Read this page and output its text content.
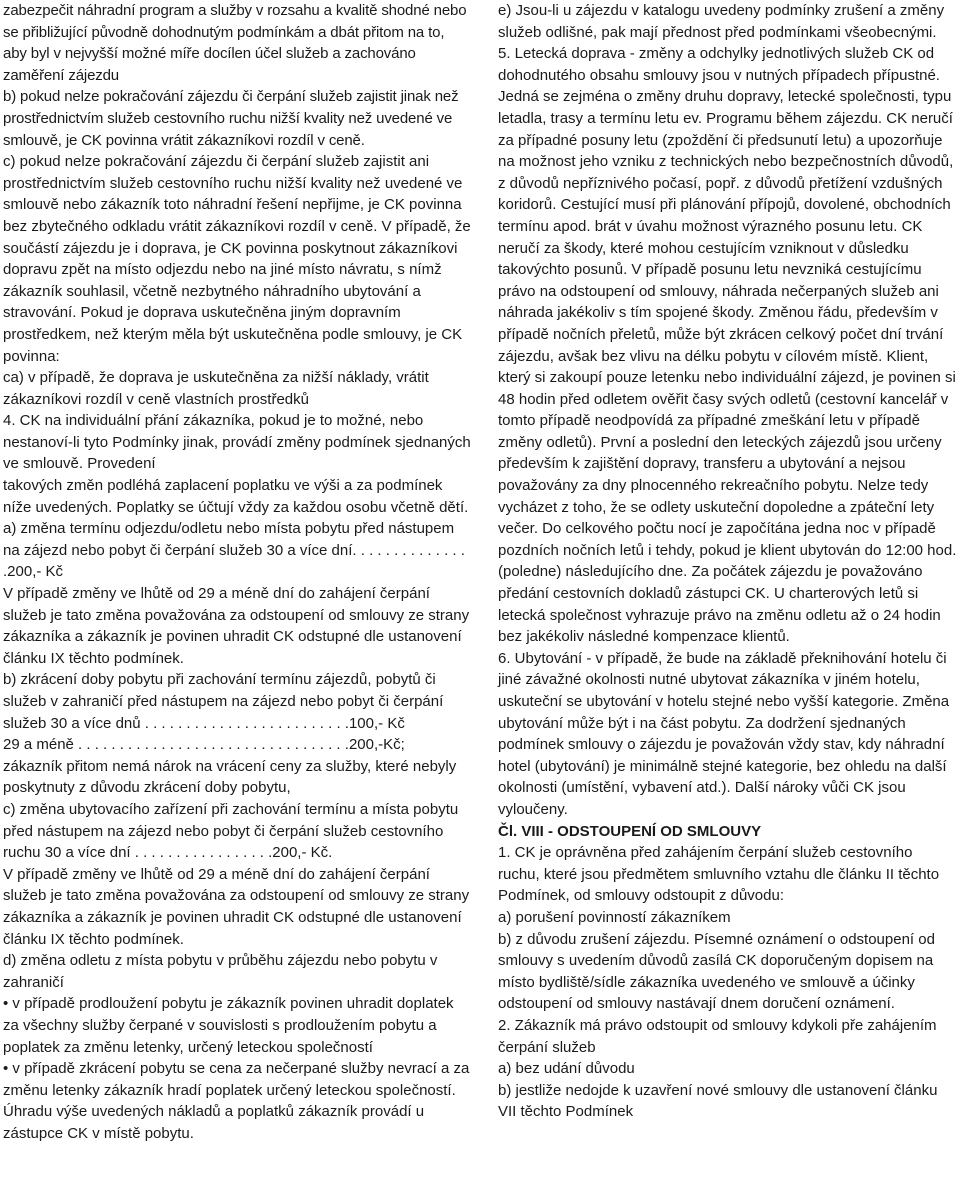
zabezpečit náhradní program a služby v rozsahu a kvalitě shodné nebo se přibližující původně dohodnutým podmínkám a dbát přitom na to, aby byl v nejvyšší možné míře docílen účel služeb a zachováno zaměření zájezdu

b) pokud nelze pokračování zájezdu či čerpání služeb zajistit jinak než prostřednictvím služeb cestovního ruchu nižší kvality než uvedené ve smlouvě, je CK povinna vrátit zákazníkovi rozdíl v ceně.

c) pokud nelze pokračování zájezdu či čerpání služeb zajistit ani prostřednictvím služeb cestovního ruchu nižší kvality než uvedené ve smlouvě nebo zákazník toto náhradní řešení nepřijme, je CK povinna bez zbytečného odkladu vrátit zákazníkovi rozdíl v ceně. V případě, že součástí zájezdu je i doprava, je CK povinna poskytnout zákazníkovi dopravu zpět na místo odjezdu nebo na jiné místo návratu, s nímž zákazník souhlasil, včetně nezbytného náhradního ubytování a stravování. Pokud je doprava uskutečněna jiným dopravním prostředkem, než kterým měla být uskutečněna podle smlouvy, je CK povinna:

ca) v případě, že doprava je uskutečněna za nižší náklady, vrátit zákazníkovi rozdíl v ceně vlastních prostředků

4. CK na individuální přání zákazníka, pokud je to možné, nebo nestanoví-li tyto Podmínky jinak, provádí změny podmínek sjednaných ve smlouvě. Provedení

takových změn podléhá zaplacení poplatku ve výši a za podmínek níže uvedených. Poplatky se účtují vždy za každou osobu včetně dětí.

a) změna termínu odjezdu/odletu nebo místa pobytu před nástupem na zájezd nebo pobyt či čerpání služeb 30 a více dní. . . . . . . . . . . . . . .200,- Kč

V případě změny ve lhůtě od 29 a méně dní do zahájení čerpání služeb je tato změna považována za odstoupení od smlouvy ze strany zákazníka a zákazník je povinen uhradit CK odstupné dle ustanovení článku IX těchto podmínek.

b) zkrácení doby pobytu při zachování termínu zájezdů, pobytů či služeb v zahraničí před nástupem na zájezd nebo pobyt či čerpání služeb 30 a více dnů . . . . . . . . . . . . . . . . . . . . . . . . .100,- Kč

29 a méně . . . . . . . . . . . . . . . . . . . . . . . . . . . . . . . . .200,-Kč;

zákazník přitom nemá nárok na vrácení ceny za služby, které nebyly poskytnuty z důvodu zkrácení doby pobytu,

c) změna ubytovacího zařízení při zachování termínu a místa pobytu před nástupem na zájezd nebo pobyt či čerpání služeb cestovního ruchu 30 a více dní . . . . . . . . . . . . . . . . .200,- Kč.

V případě změny ve lhůtě od 29 a méně dní do zahájení čerpání služeb je tato změna považována za odstoupení od smlouvy ze strany zákazníka a zákazník je povinen uhradit CK odstupné dle ustanovení článku IX těchto podmínek.

d) změna odletu z místa pobytu v průběhu zájezdu nebo pobytu v zahraničí

• v případě prodloužení pobytu je zákazník povinen uhradit doplatek za všechny služby čerpané v souvislosti s prodloužením pobytu a poplatek za změnu letenky, určený leteckou společností

• v případě zkrácení pobytu se cena za nečerpané služby nevrací a za změnu letenky zákazník hradí poplatek určený leteckou společností. Úhradu výše uvedených nákladů a poplatků zákazník provádí u zástupce CK v místě pobytu.

e) Jsou-li u zájezdu v katalogu uvedeny podmínky zrušení a změny služeb odlišné, pak mají přednost před podmínkami všeobecnými.

5. Letecká doprava - změny a odchylky jednotlivých služeb CK od dohodnutého obsahu smlouvy jsou v nutných případech přípustné. Jedná se zejména o změny druhu dopravy, letecké společnosti, typu letadla, trasy a termínu letu ev. Programu během zájezdu. CK neručí za případné posuny letu (zpoždění či předsunutí letu) a upozorňuje na možnost jeho vzniku z technických nebo bezpečnostních důvodů, z důvodů nepříznivého počasí, popř. z důvodů přetížení vzdušných koridorů. Cestující musí při plánování přípojů, dovolené, obchodních termínu apod. brát v úvahu možnost výrazného posunu letu. CK neručí za škody, které mohou cestujícím vzniknout v důsledku takovýchto posunů. V případě posunu letu nevzniká cestujícímu právo na odstoupení od smlouvy, náhrada nečerpaných služeb ani náhrada jakékoliv s tím spojené škody. Změnou řádu, především v případě nočních přeletů, může být zkrácen celkový počet dní trvání zájezdu, avšak bez vlivu na délku pobytu v cílovém místě. Klient, který si zakoupí pouze letenku nebo individuální zájezd, je povinen si 48 hodin před odletem ověřit časy svých odletů (cestovní kancelář v tomto případě neodpovídá za případné zmeškání letu v případě změny odletů). První a poslední den leteckých zájezdů jsou určeny především k zajištění dopravy, transferu a ubytování a nejsou považovány za dny plnocenného rekreačního pobytu. Nelze tedy vycházet z toho, že se odlety uskuteční dopoledne a zpáteční lety večer. Do celkového počtu nocí je započítána jedna noc v případě pozdních nočních letů i tehdy, pokud je klient ubytován do 12:00 hod. (poledne) následujícího dne. Za počátek zájezdu je považováno předání cestovních dokladů zástupci CK. U charterových letů si letecká společnost vyhrazuje právo na změnu odletu až o 24 hodin bez jakékoliv následné kompenzace klientů.

6. Ubytování - v případě, že bude na základě překnihování hotelu či jiné závažné okolnosti nutné ubytovat zákazníka v jiném hotelu, uskuteční se ubytování v hotelu stejné nebo vyšší kategorie. Změna ubytování může být i na část pobytu. Za dodržení sjednaných podmínek smlouvy o zájezdu je považován vždy stav, kdy náhradní hotel (ubytování) je minimálně stejné kategorie, bez ohledu na další okolnosti (umístění, vybavení atd.). Další nároky vůči CK jsou vyloučeny.

Čl. VIII - ODSTOUPENÍ OD SMLOUVY

1. CK je oprávněna před zahájením čerpání služeb cestovního ruchu, které jsou předmětem smluvního vztahu dle článku II těchto Podmínek, od smlouvy odstoupit z důvodu:

a) porušení povinností zákazníkem

b) z důvodu zrušení zájezdu. Písemné oznámení o odstoupení od smlouvy s uvedením důvodů zasílá CK doporučeným dopisem na místo bydliště/sídle zákazníka uvedeného ve smlouvě a účinky odstoupení od smlouvy nastávají dnem doručení oznámení.

2. Zákazník má právo odstoupit od smlouvy kdykoli pře zahájením čerpání služeb

a) bez udání důvodu

b) jestliže nedojde k uzavření nové smlouvy dle ustanovení článku VII těchto Podmínek
